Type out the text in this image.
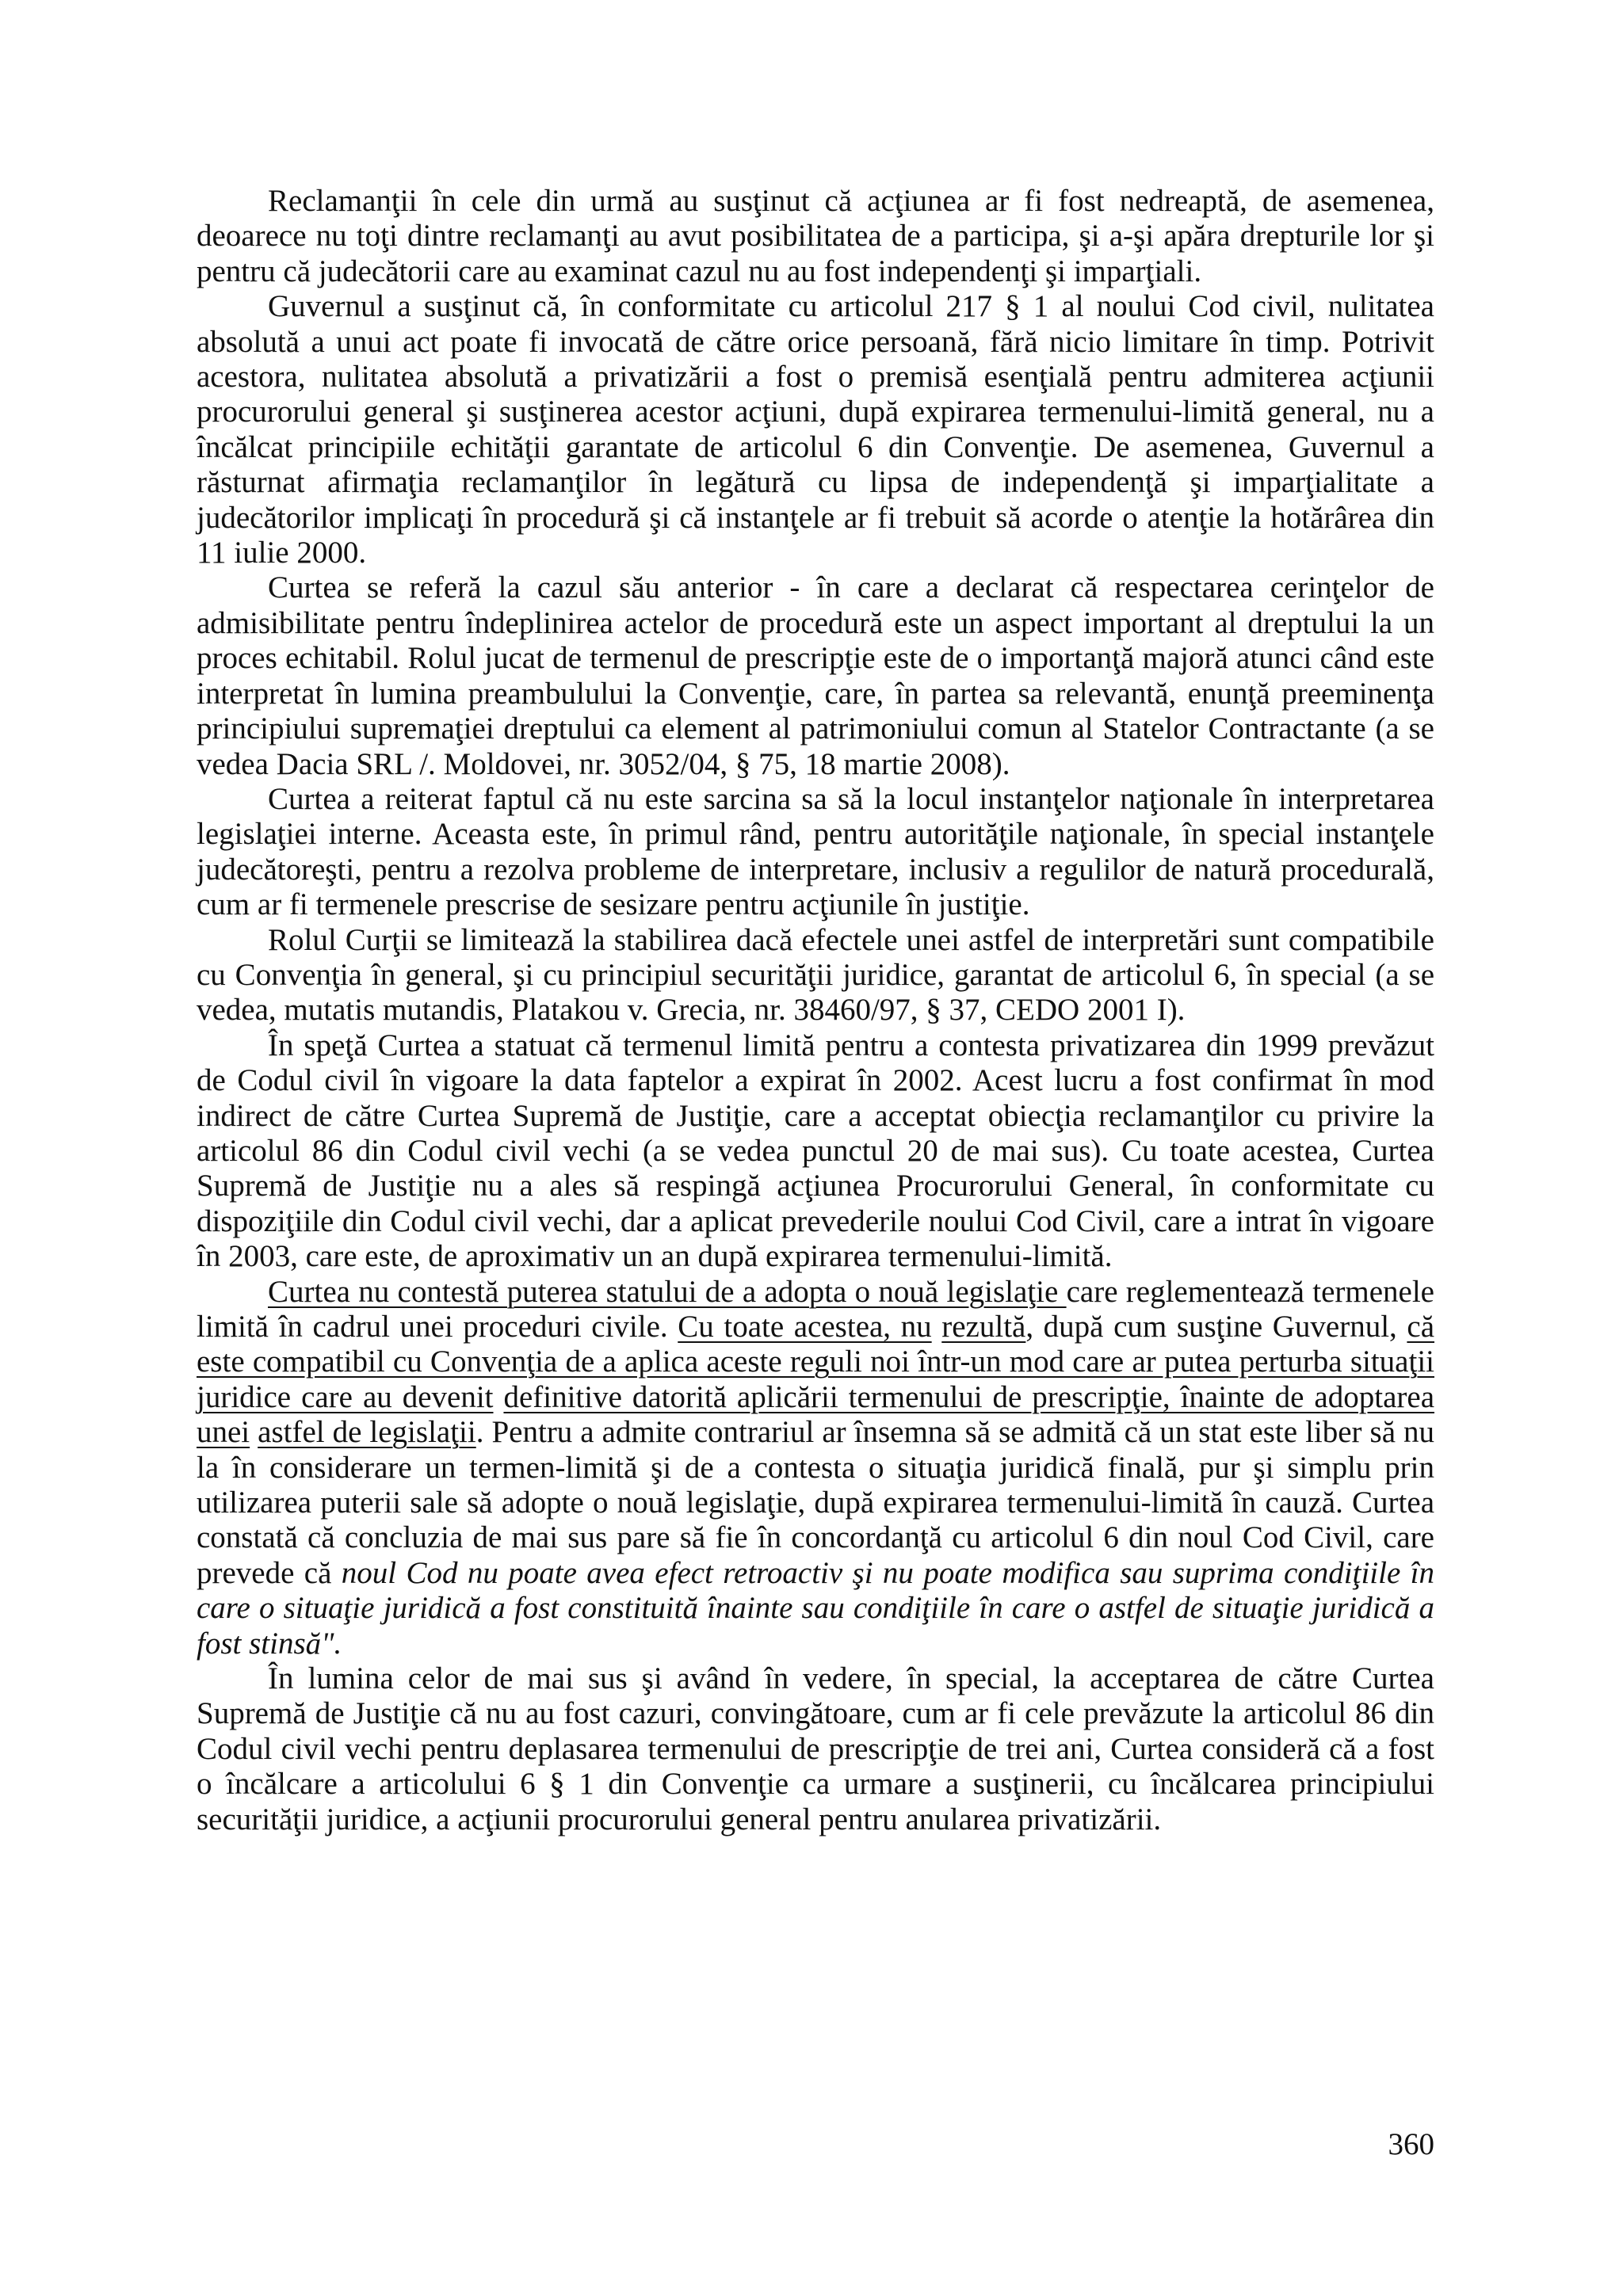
Reclamanţii în cele din urmă au susţinut că acţiunea ar fi fost nedreaptă, de asemenea, deoarece nu toţi dintre reclamanţi au avut posibilitatea de a participa, şi a-şi apăra drepturile lor şi pentru că judecătorii care au examinat cazul nu au fost independenţi şi imparţiali.

Guvernul a susţinut că, în conformitate cu articolul 217 § 1 al noului Cod civil, nulitatea absolută a unui act poate fi invocată de către orice persoană, fără nicio limitare în timp. Potrivit acestora, nulitatea absolută a privatizării a fost o premisă esenţială pentru admiterea acţiunii procurorului general şi susţinerea acestor acţiuni, după expirarea termenului-limită general, nu a încălcat principiile echităţii garantate de articolul 6 din Convenţie. De asemenea, Guvernul a răsturnat afirmaţia reclamanţilor în legătură cu lipsa de independenţă şi imparţialitate a judecătorilor implicaţi în procedură şi că instanţele ar fi trebuit să acorde o atenţie la hotărârea din 11 iulie 2000.

Curtea se referă la cazul său anterior - în care a declarat că respectarea cerinţelor de admisibilitate pentru îndeplinirea actelor de procedură este un aspect important al dreptului la un proces echitabil. Rolul jucat de termenul de prescripţie este de o importanţă majoră atunci când este interpretat în lumina preambulului la Convenţie, care, în partea sa relevantă, enunţă preeminenţa principiului supremaţiei dreptului ca element al patrimoniului comun al Statelor Contractante (a se vedea Dacia SRL /. Moldovei, nr. 3052/04, § 75, 18 martie 2008).

Curtea a reiterat faptul că nu este sarcina sa să la locul instanţelor naţionale în interpretarea legislaţiei interne. Aceasta este, în primul rând, pentru autorităţile naţionale, în special instanţele judecătoreşti, pentru a rezolva probleme de interpretare, inclusiv a regulilor de natură procedurală, cum ar fi termenele prescrise de sesizare pentru acţiunile în justiţie.

Rolul Curţii se limitează la stabilirea dacă efectele unei astfel de interpretări sunt compatibile cu Convenţia în general, şi cu principiul securităţii juridice, garantat de articolul 6, în special (a se vedea, mutatis mutandis, Platakou v. Grecia, nr. 38460/97, § 37, CEDO 2001 I).

În speţă Curtea a statuat că termenul limită pentru a contesta privatizarea din 1999 prevăzut de Codul civil în vigoare la data faptelor a expirat în 2002. Acest lucru a fost confirmat în mod indirect de către Curtea Supremă de Justiţie, care a acceptat obiecţia reclamanţilor cu privire la articolul 86 din Codul civil vechi (a se vedea punctul 20 de mai sus). Cu toate acestea, Curtea Supremă de Justiţie nu a ales să respingă acţiunea Procurorului General, în conformitate cu dispoziţiile din Codul civil vechi, dar a aplicat prevederile noului Cod Civil, care a intrat în vigoare în 2003, care este, de aproximativ un an după expirarea termenului-limită.

Curtea nu contestă puterea statului de a adopta o nouă legislaţie care reglementează termenele limită în cadrul unei proceduri civile. Cu toate acestea, nu rezultă, după cum susţine Guvernul, că este compatibil cu Convenţia de a aplica aceste reguli noi într-un mod care ar putea perturba situaţii juridice care au devenit definitive datorită aplicării termenului de prescripţie, înainte de adoptarea unei astfel de legislaţii. Pentru a admite contrariul ar însemna să se admită că un stat este liber să nu la în considerare un termen-limită şi de a contesta o situaţia juridică finală, pur şi simplu prin utilizarea puterii sale să adopte o nouă legislaţie, după expirarea termenului-limită în cauză. Curtea constată că concluzia de mai sus pare să fie în concordanţă cu articolul 6 din noul Cod Civil, care prevede că noul Cod nu poate avea efect retroactiv şi nu poate modifica sau suprima condiţiile în care o situaţie juridică a fost constituită înainte sau condiţiile în care o astfel de situaţie juridică a fost stinsă".

În lumina celor de mai sus şi având în vedere, în special, la acceptarea de către Curtea Supremă de Justiţie că nu au fost cazuri, convingătoare, cum ar fi cele prevăzute la articolul 86 din Codul civil vechi pentru deplasarea termenului de prescripţie de trei ani, Curtea consideră că a fost o încălcare a articolului 6 § 1 din Convenţie ca urmare a susţinerii, cu încălcarea principiului securităţii juridice, a acţiunii procurorului general pentru anularea privatizării.

360
